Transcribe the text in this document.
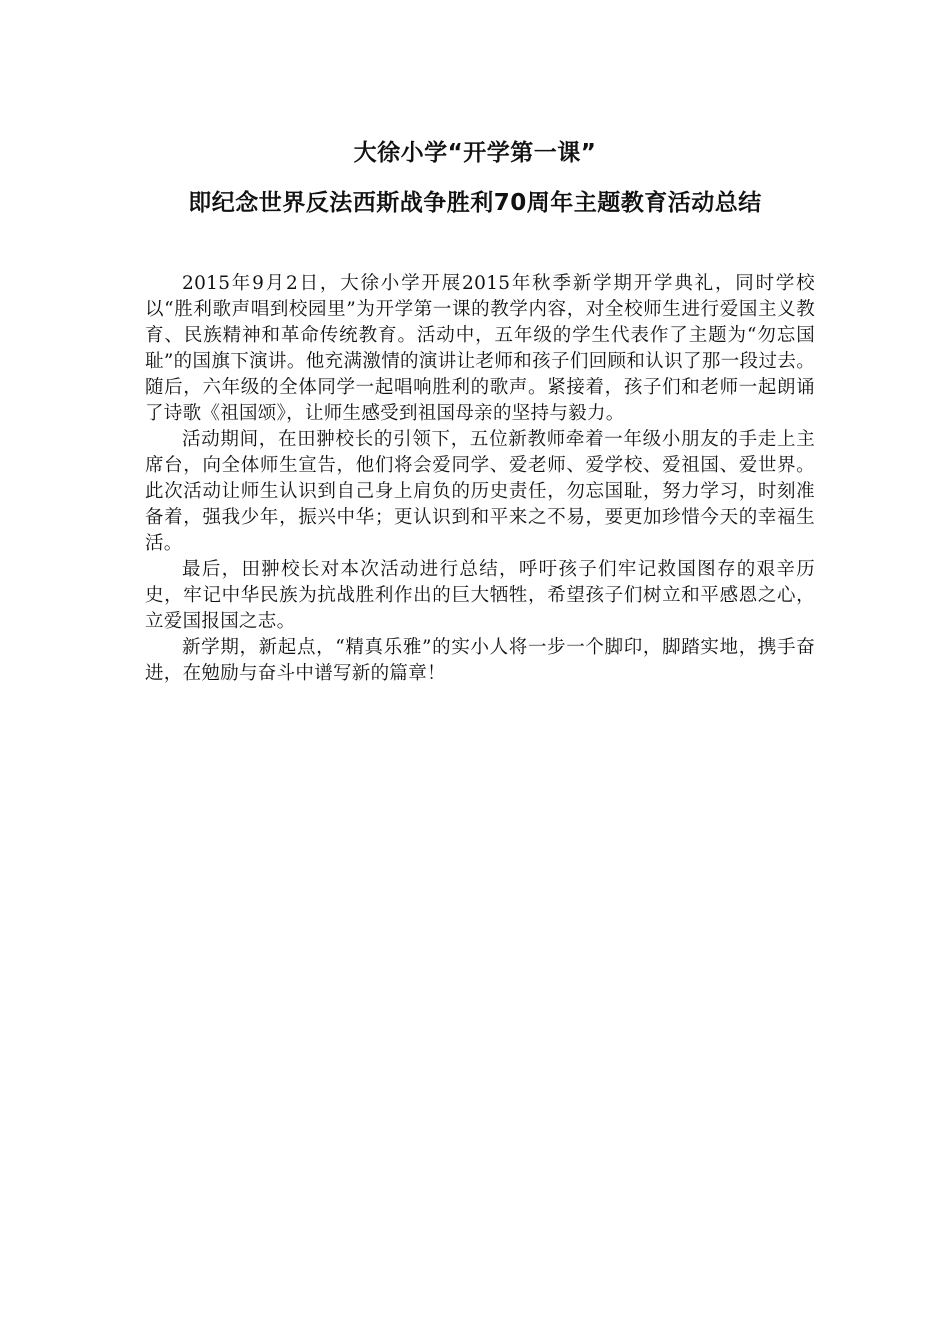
大徐小学“开学第一课”
即纪念世界反法西斯战争胜利70周年主题教育活动总结

2015年9月2日，大徐小学开展2015年秋季新学期开学典礼，同时学校以“胜利歌声唱到校园里”为开学第一课的教学内容，对全校师生进行爱国主义教育、民族精神和革命传统教育。活动中，五年级的学生代表作了主题为“勿忘国耻”的国旗下演讲。他充满激情的演讲让老师和孩子们回顾和认识了那一段过去。随后，六年级的全体同学一起唱响胜利的歌声。紧接着，孩子们和老师一起朗诵了诗歌《祖国颂》，让师生感受到祖国母亲的坚持与毅力。

活动期间，在田翀校长的引领下，五位新教师牵着一年级小朋友的手走上主席台，向全体师生宣告，他们将会爱同学、爱老师、爱学校、爱祖国、爱世界。此次活动让师生认识到自己身上肩负的历史责任，勿忘国耻，努力学习，时刻准备着，强我少年，振兴中华；更认识到和平来之不易，要更加珍惜今天的幸福生活。

最后，田翀校长对本次活动进行总结，呼吁孩子们牢记救国图存的艰辛历史，牢记中华民族为抗战胜利作出的巨大牺牲，希望孩子们树立和平感恩之心，立爱国报国之志。

新学期，新起点，“精真乐雅”的实小人将一步一个脚印，脚踏实地，携手奋进，在勉励与奋斗中谱写新的篇章！
